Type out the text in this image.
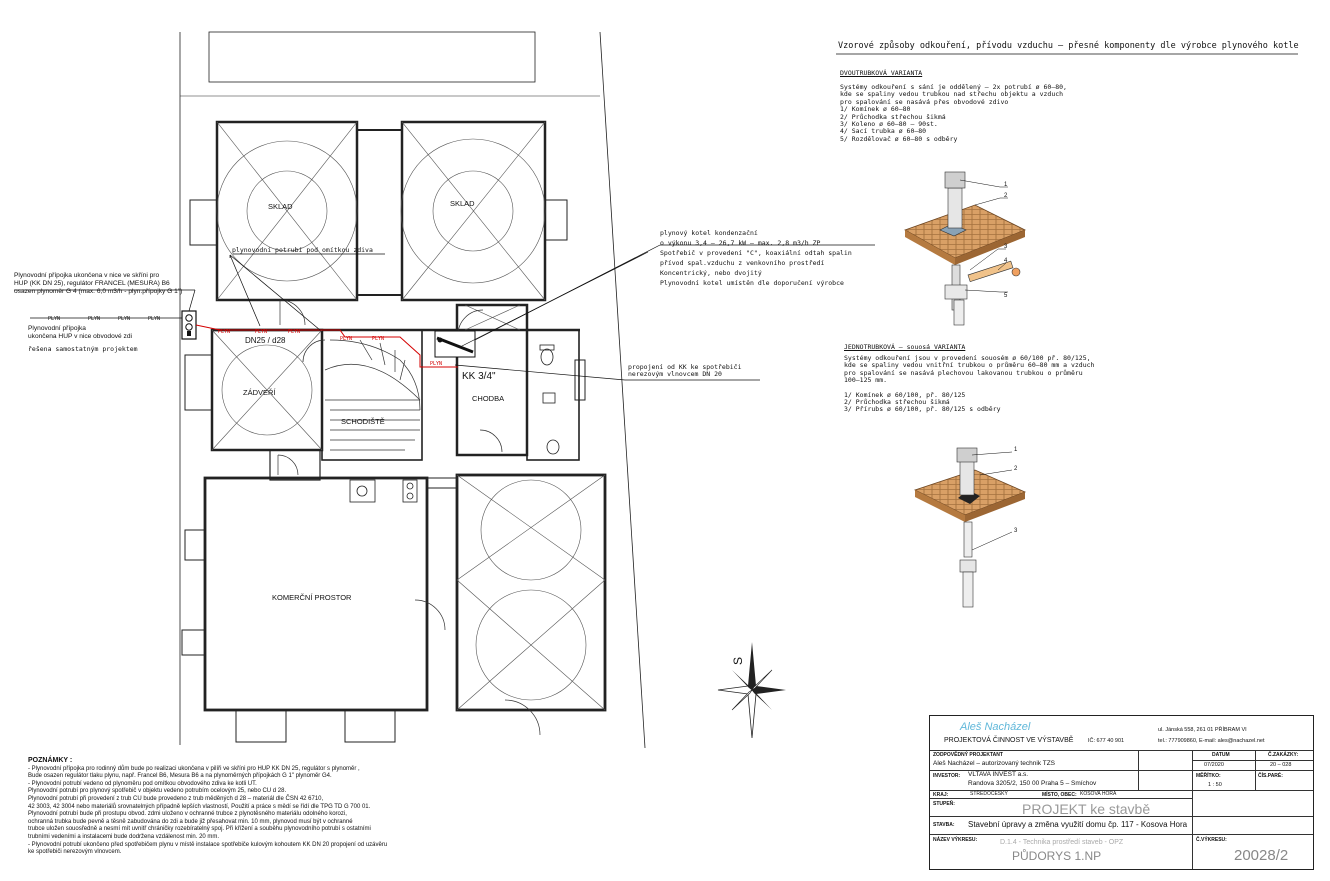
PLYN	PLYN	PLYN	PLYN
PLYN	PLYN	PLYN
PLYN	PLYN
PLYN
SKLAD	SKLAD
ZÁDVEŘÍ
SCHODIŠTĚ
CHODBA
KOMERČNÍ PROSTOR
DN25 / d28
KK 3/4"
plynovodní potrubí pod omítkou zdiva
S
1
2
3
4
5
1
2
3
Vzorové způsoby odkouření, přívodu vzduchu – přesné komponenty dle výrobce plynového kotle
DVOUTRUBKOVÁ VARIANTA
Systémy odkouření s sání je oddělený – 2x potrubí ø 60–80,
kde se spaliny vedou trubkou nad střechu objektu a vzduch
pro spalování se nasává přes obvodové zdivo
1/ Komínek ø 60–80
2/ Průchodka střechou šikmá
3/ Koleno ø 60–80 – 90st.
4/ Sací trubka ø 60–80
5/ Rozdělovač ø 60–80 s odběry
JEDNOTRUBKOVÁ – souosá VARIANTA
Systémy odkouření jsou v provedení souosém ø 60/100 př. 80/125,
kde se spaliny vedou vnitřní trubkou o průměru 60–80 mm a vzduch
pro spalování se nasává plechovou lakovanou trubkou o průměru
100–125 mm.
1/ Komínek ø 60/100, př. 80/125
2/ Průchodka střechou šikmá
3/ Přírubs ø 60/100, př. 80/125 s odběry
plynový kotel kondenzační
o výkonu 3,4 – 26,7 kW – max. 2,8 m3/h ZP
Spotřebič v provedení "C", koaxiální odtah spalin
přívod spal.vzduchu z venkovního prostředí
Koncentrický, nebo dvojitý
Plynovodní kotel umístěn dle doporučení výrobce
propojení od KK ke spotřebiči
nerezovým vlnovcem DN 20
Plynovodní přípojka ukončena v nice ve skříni pro
HUP (KK DN 25), regulátor FRANCEL (MESURA) B6
osazen plynoměr G 4 (max. 6,0 m3/h - plyn.přípojky G 1")
Plynovodní přípojka
ukončena HUP v nice obvodové zdi
řešena samostatným projektem
POZNÁMKY :
- Plynovodní přípojka pro rodinný dům bude po realizaci ukončena v pilíři ve skříni pro HUP KK DN 25, regulátor s plynoměr ,
Bude osazen regulátor tlaku plynu, např. Francel B6, Mesura B6 a na plynoměrných přípojkách G 1" plynoměr G4.
- Plynovodní potrubí vedeno od plynoměru pod omítkou obvodového zdiva ke kotli UT.
Plynovodní potrubí pro plynový spotřebič v objektu vedeno potrubím ocelovým 25, nebo CU d 28.
Plynovodní potrubí při provedení z trub CU bude provedeno z trub měděných d 28 – materiál dle ČSN 42 6710,
42 3003, 42 3004 nebo materiálů srovnatelných případně lepších vlastností, Použití a práce s mědí se řídí dle TPG TD G 700 01.
Plynovodní potrubí bude při prostupu obvod. zdmi uloženo v ochranné trubce z plynotěsného materiálu odolného korozi,
ochranná trubka bude pevně a těsně zabudována do zdi a bude již přesahovat min. 10 mm, plynovod musí být v ochranné
trubce uložen souosředně a nesmí mít uvnitř chráničky rozebíratelný spoj. Při křížení a souběhu plynovodního potrubí s ostatními
trubními vedeními a instalacemi bude dodržena vzdálenost min. 20 mm.
- Plynovodní potrubí ukončeno před spotřebičem plynu v místě instalace spotřebiče kulovým kohoutem KK DN 20 propojení od uzávěru
ke spotřebiči nerezovým vlnovcem.
Aleš Nacházel
PROJEKTOVÁ ČINNOST VE VÝSTAVBĚ	IČ: 677 40 901
ul. Jánská 558, 261 01 PŘÍBRAM VI
tel.: 777909860, E-mail: ales@nachazel.net
ZODPOVĚDNÝ PROJEKTANT
Aleš Nacházel – autorizovaný technik TZS
DATUM
07/2020
Č.ZAKÁZKY:
20 – 028
INVESTOR: VLTAVA INVEST a.s.
Randova 3205/2, 150 00 Praha 5 – Smíchov
MĚŘÍTKO:
1 : 50
ČÍS.PARÉ:
KRAJ:	STŘEDOČESKÝ	MÍSTO, OBEC: KOSOVA HORA
STUPEŇ:	PROJEKT ke stavbě
STAVBA: Stavební úpravy a změna využití domu čp. 117 - Kosova Hora
NÁZEV VÝKRESU:	D.1.4 - Technika prostředí staveb - OPZ
PŮDORYS 1.NP
Č.VÝKRESU:
20028/2
